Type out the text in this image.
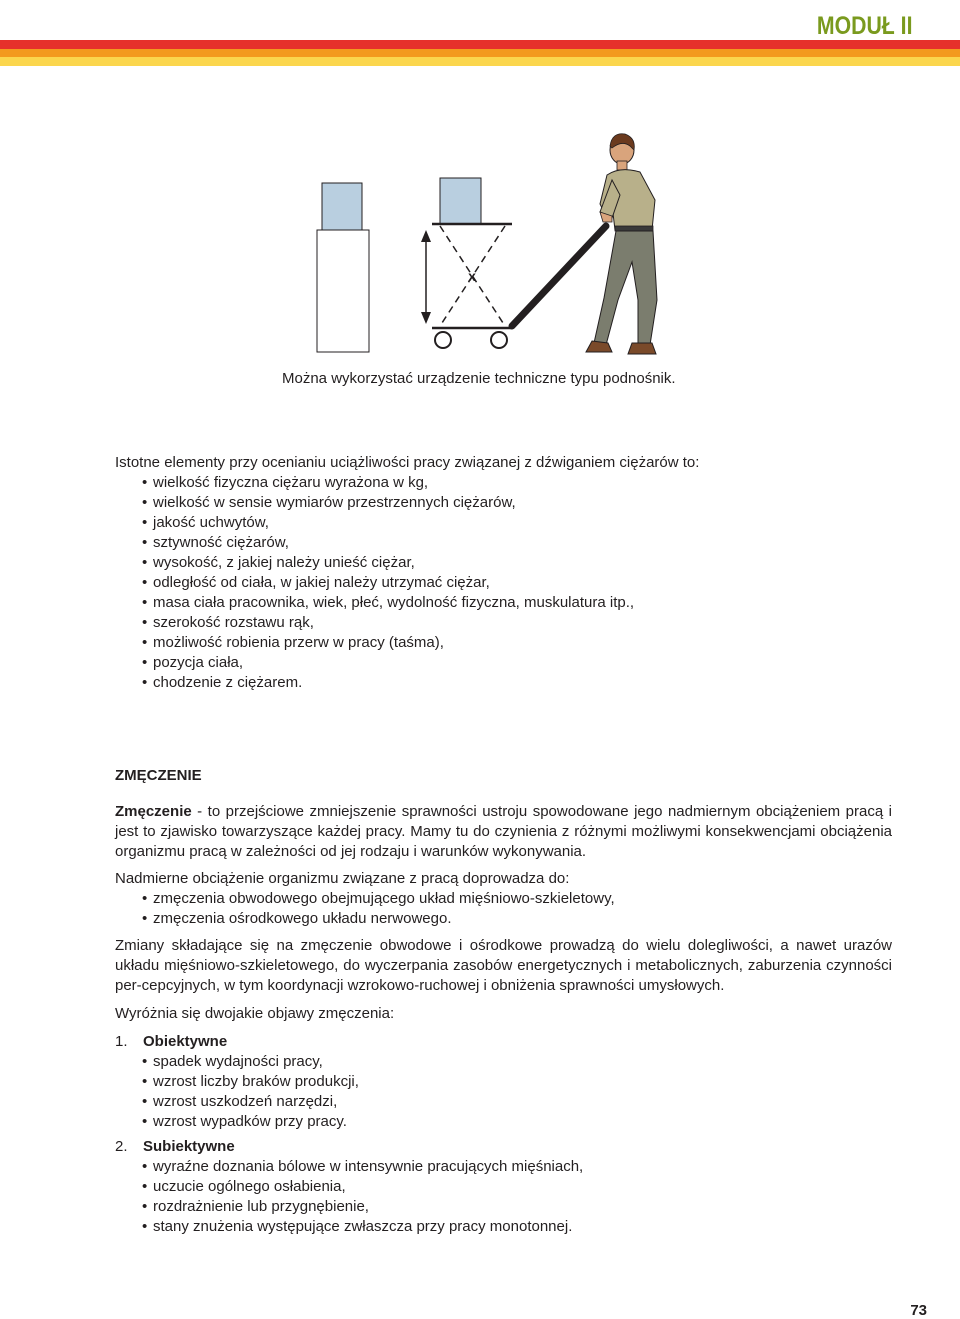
MODUŁ II
x
Można wykorzystać urządzenie techniczne typu podnośnik.

Istotne elementy przy ocenianiu uciążliwości pracy związanej z dźwiganiem ciężarów to:

• wielkość fizyczna ciężaru wyrażona w kg,
• wielkość w sensie wymiarów przestrzennych ciężarów,
• jakość uchwytów,
• sztywność ciężarów,
• wysokość, z jakiej należy unieść ciężar,
• odległość od ciała, w jakiej należy utrzymać ciężar,
• masa ciała pracownika, wiek, płeć, wydolność fizyczna, muskulatura itp.,
• szerokość rozstawu rąk,
• możliwość robienia przerw w pracy (taśma),
• pozycja ciała,
• chodzenie z ciężarem.

ZMĘCZENIE

Zmęczenie - to przejściowe zmniejszenie sprawności ustroju spowodowane jego nadmiernym obciążeniem pracą i jest to zjawisko towarzyszące każdej pracy. Mamy tu do czynienia z różnymi możliwymi konsekwencjami obciążenia organizmu pracą w zależności od jej rodzaju i warunków wykonywania.

Nadmierne obciążenie organizmu związane z pracą doprowadza do:

• zmęczenia obwodowego obejmującego układ mięśniowo-szkieletowy,
• zmęczenia ośrodkowego układu nerwowego.

Zmiany składające się na zmęczenie obwodowe i ośrodkowe prowadzą do wielu dolegliwości, a nawet urazów układu mięśniowo-szkieletowego, do wyczerpania zasobów energetycznych i metabolicznych, zaburzenia czynności per-cepcyjnych, w tym koordynacji wzrokowo-ruchowej i obniżenia sprawności umysłowych.

Wyróżnia się dwojakie objawy zmęczenia:

1.	Obiektywne
• spadek wydajności pracy,
• wzrost liczby braków produkcji,
• wzrost uszkodzeń narzędzi,
• wzrost wypadków przy pracy.
2.	Subiektywne
• wyraźne doznania bólowe w intensywnie pracujących mięśniach,
• uczucie ogólnego osłabienia,
• rozdrażnienie lub przygnębienie,
• stany znużenia występujące zwłaszcza przy pracy monotonnej.
73
